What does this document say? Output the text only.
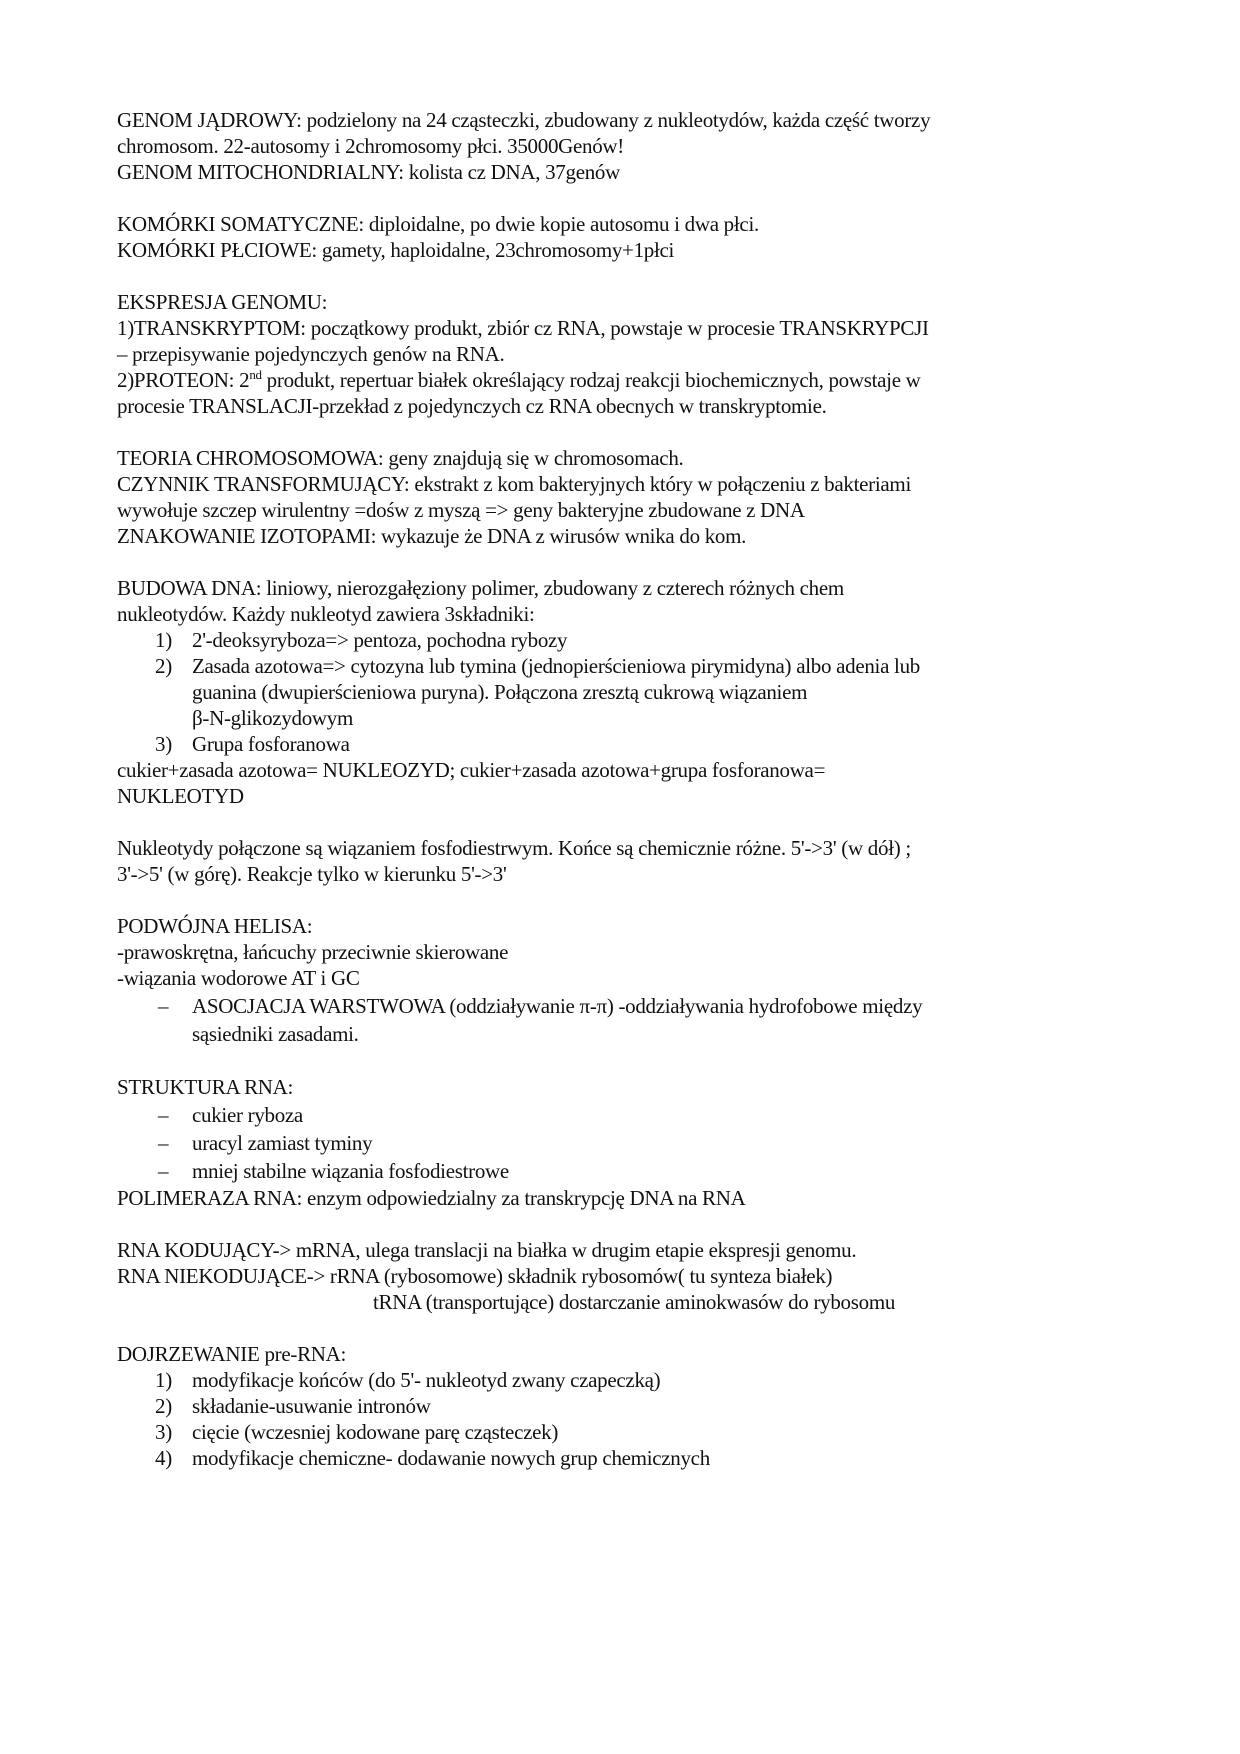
GENOM JĄDROWY: podzielony na 24 cząsteczki, zbudowany z nukleotydów, każda część tworzy
chromosom. 22-autosomy i 2chromosomy płci. 35000Genów!
GENOM MITOCHONDRIALNY: kolista cz DNA, 37genów
KOMÓRKI SOMATYCZNE: diploidalne, po dwie kopie autosomu i dwa płci.
KOMÓRKI PŁCIOWE: gamety, haploidalne, 23chromosomy+1płci
EKSPRESJA GENOMU:
1)TRANSKRYPTOM: początkowy produkt, zbiór cz RNA, powstaje w procesie TRANSKRYPCJI
– przepisywanie pojedynczych genów na RNA.
2)PROTEON: 2nd produkt, repertuar białek określający rodzaj reakcji biochemicznych, powstaje w
procesie TRANSLACJI-przekład z pojedynczych cz RNA obecnych w transkryptomie.
TEORIA CHROMOSOMOWA: geny znajdują się w chromosomach.
CZYNNIK TRANSFORMUJĄCY: ekstrakt z kom bakteryjnych który w połączeniu z bakteriami
wywołuje szczep wirulentny =dośw z myszą => geny bakteryjne zbudowane z DNA
ZNAKOWANIE IZOTOPAMI: wykazuje że DNA z wirusów wnika do kom.
BUDOWA DNA: liniowy, nierozgałęziony polimer, zbudowany z czterech różnych chem
nukleotydów. Każdy nukleotyd zawiera 3składniki:
1) 2'-deoksyryboza=> pentoza, pochodna rybozy
2) Zasada azotowa=> cytozyna lub tymina (jednopierścieniowa pirymidyna) albo adenia lub
guanina (dwupierścieniowa puryna). Połączona zresztą cukrową wiązaniem
β-N-glikozydowym
3) Grupa fosforanowa
cukier+zasada azotowa= NUKLEOZYD; cukier+zasada azotowa+grupa fosforanowa=
NUKLEOTYD
Nukleotydy połączone są wiązaniem fosfodiestrwym. Końce są chemicznie różne. 5'->3' (w dół) ;
3'->5' (w górę). Reakcje tylko w kierunku 5'->3'
PODWÓJNA HELISA:
-prawoskrętna, łańcuchy przeciwnie skierowane
-wiązania wodorowe AT i GC
– ASOCJACJA WARSTWOWA (oddziaływanie π-π) -oddziaływania hydrofobowe między
sąsiedniki zasadami.
STRUKTURA RNA:
– cukier ryboza
– uracyl zamiast tyminy
– mniej stabilne wiązania fosfodiestrowe
POLIMERAZA RNA: enzym odpowiedzialny za transkrypcję DNA na RNA
RNA KODUJĄCY-> mRNA, ulega translacji na białka w drugim etapie ekspresji genomu.
RNA NIEKODUJĄCE-> rRNA (rybosomowe) składnik rybosomów( tu synteza białek)
tRNA (transportujące) dostarczanie aminokwasów do rybosomu
DOJRZEWANIE pre-RNA:
1) modyfikacje końców (do 5'- nukleotyd zwany czapeczką)
2) składanie-usuwanie intronów
3) cięcie (wczesniej kodowane parę cząsteczek)
4) modyfikacje chemiczne- dodawanie nowych grup chemicznych
